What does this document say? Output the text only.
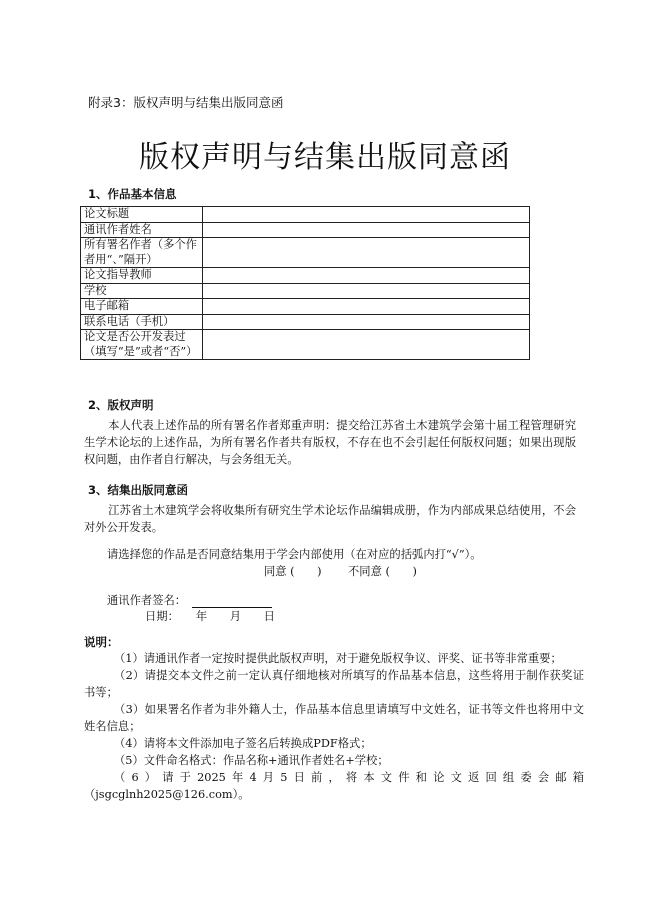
附录3：版权声明与结集出版同意函
版权声明与结集出版同意函
1、作品基本信息
论文标题	
通讯作者姓名	
所有署名作者（多个作者用“、”隔开）	
论文指导教师	
学校	
电子邮箱	
联系电话（手机）	
论文是否公开发表过（填写“是”或者“否”）	
2、版权声明
本人代表上述作品的所有署名作者郑重声明：提交给江苏省土木建筑学会第十届工程管理研究生学术论坛的上述作品，为所有署名作者共有版权，不存在也不会引起任何版权问题；如果出现版权问题，由作者自行解决，与会务组无关。
3、结集出版同意函
江苏省土木建筑学会将收集所有研究生学术论坛作品编辑成册，作为内部成果总结使用，不会对外公开发表。
请选择您的作品是否同意结集用于学会内部使用（在对应的括弧内打“√”）。
同意 (　　) 不同意 (　　)
通讯作者签名：
日期：　　年　　月　　日
说明：
（1）请通讯作者一定按时提供此版权声明，对于避免版权争议、评奖、证书等非常重要；
（2）请提交本文件之前一定认真仔细地核对所填写的作品基本信息，这些将用于制作获奖证书等；
（3）如果署名作者为非外籍人士，作品基本信息里请填写中文姓名，证书等文件也将用中文姓名信息；
（4）请将本文件添加电子签名后转换成PDF格式；
（5）文件命名格式：作品名称+通讯作者姓名+学校；
（6）请于2025年4月5日前，将本文件和论文返回组委会邮箱（jsgcglnh2025@126.com）。
